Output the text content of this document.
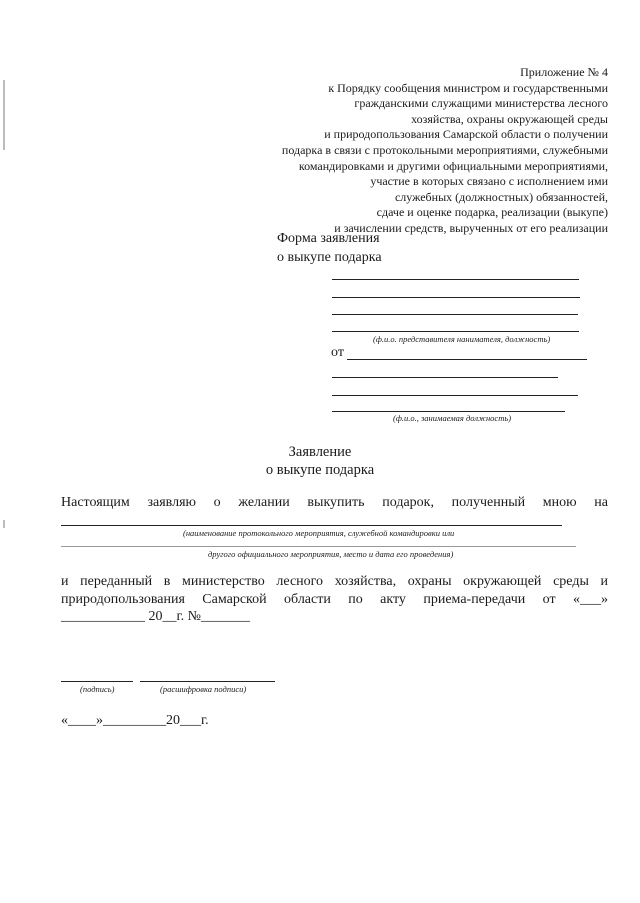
Приложение № 4
к Порядку сообщения министром и государственными
гражданскими служащими министерства лесного
хозяйства, охраны окружающей среды
и природопользования Самарской области о получении
подарка в связи с протокольными мероприятиями, служебными
командировками и другими официальными мероприятиями,
участие в которых связано с исполнением ими
служебных (должностных) обязанностей,
сдаче и оценке подарка, реализации (выкупе)
и зачислении средств, вырученных от его реализации
Форма заявления
о выкупе подарка
(ф.и.о. представителя нанимателя, должность)
от
(ф.и.о., занимаемая должность)
Заявление
о выкупе подарка
Настоящим заявляю о желании выкупить подарок, полученный мною на
(наименование протокольного мероприятия, служебной командировки или
другого официального мероприятия, место и дата его проведения)
и переданный в министерство лесного хозяйства, охраны окружающей среды и
природопользования Самарской области по акту приема-передачи от «___»
____________ 20__г. №_______
(подпись)	(расшифровка подписи)
«____»_________20___г.
